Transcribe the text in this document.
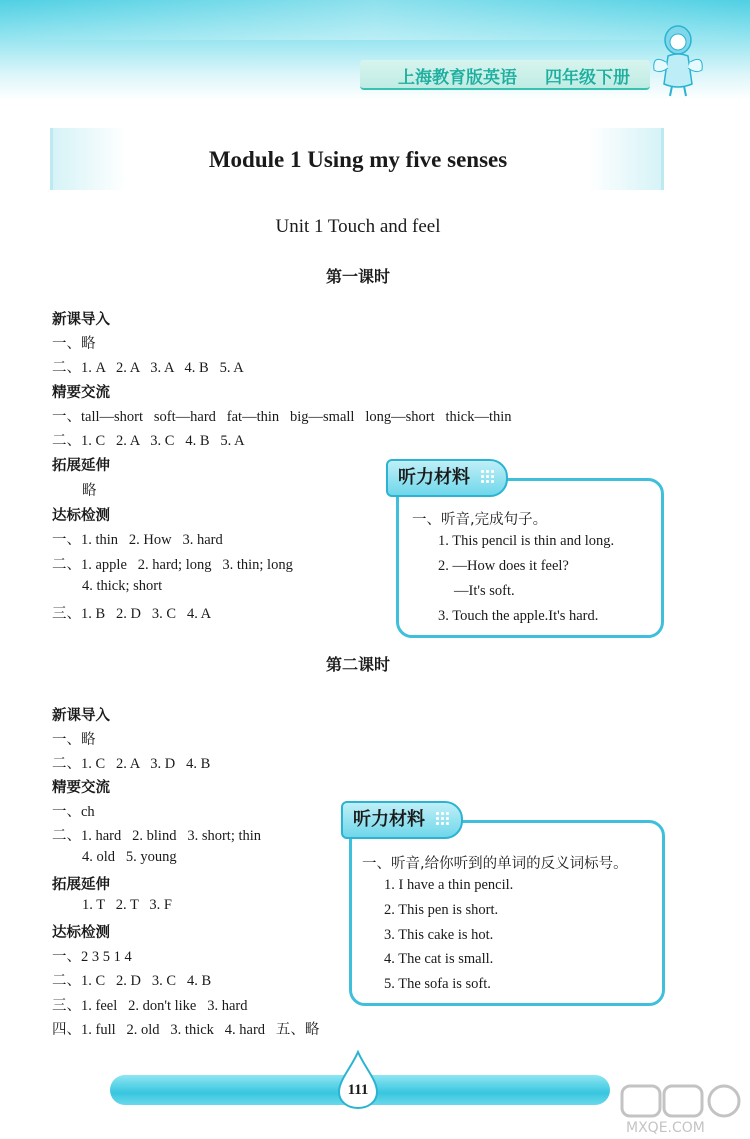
上海教育版英语 四年级下册
Module 1 Using my five senses
Unit 1 Touch and feel
第一课时
新课导入
一、略
二、1. A   2. A   3. A   4. B   5. A
精要交流
一、tall—short   soft—hard   fat—thin   big—small   long—short   thick—thin
二、1. C   2. A   3. C   4. B   5. A
拓展延伸
略
达标检测
一、1. thin   2. How   3. hard
二、1. apple   2. hard; long   3. thin; long
4. thick; short
三、1. B   2. D   3. C   4. A
听力材料
一、听音,完成句子。
1. This pencil is thin and long.
2. —How does it feel?
—It's soft.
3. Touch the apple.It's hard.
第二课时
新课导入
一、略
二、1. C   2. A   3. D   4. B
精要交流
一、ch
二、1. hard   2. blind   3. short; thin
4. old   5. young
拓展延伸
1. T   2. T   3. F
达标检测
一、2 3 5 1 4
二、1. C   2. D   3. C   4. B
三、1. feel   2. don't like   3. hard
四、1. full   2. old   3. thick   4. hard   五、略
听力材料
一、听音,给你听到的单词的反义词标号。
1. I have a thin pencil.
2. This pen is short.
3. This cake is hot.
4. The cat is small.
5. The sofa is soft.
111
MXQE.COM
